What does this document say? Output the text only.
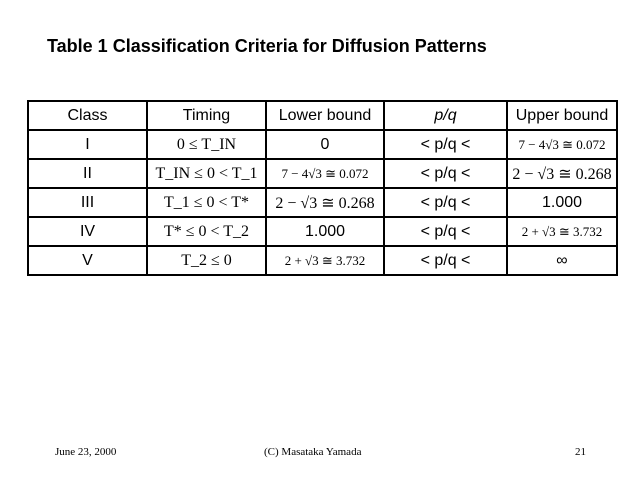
Table 1 Classification Criteria for Diffusion Patterns
Class	Timing	Lower bound	p/q	Upper bound
I	0 ≤ T_IN	0	< p/q <	7 − 4√3 ≅ 0.072
II	T_IN ≤ 0 < T_1	7 − 4√3 ≅ 0.072	< p/q <	2 − √3 ≅ 0.268
III	T_1 ≤ 0 < T*	2 − √3 ≅ 0.268	< p/q <	1.000
IV	T* ≤ 0 < T_2	1.000	< p/q <	2 + √3 ≅ 3.732
V	T_2 ≤ 0	2 + √3 ≅ 3.732	< p/q <	∞
June 23, 2000	(C) Masataka Yamada	21
